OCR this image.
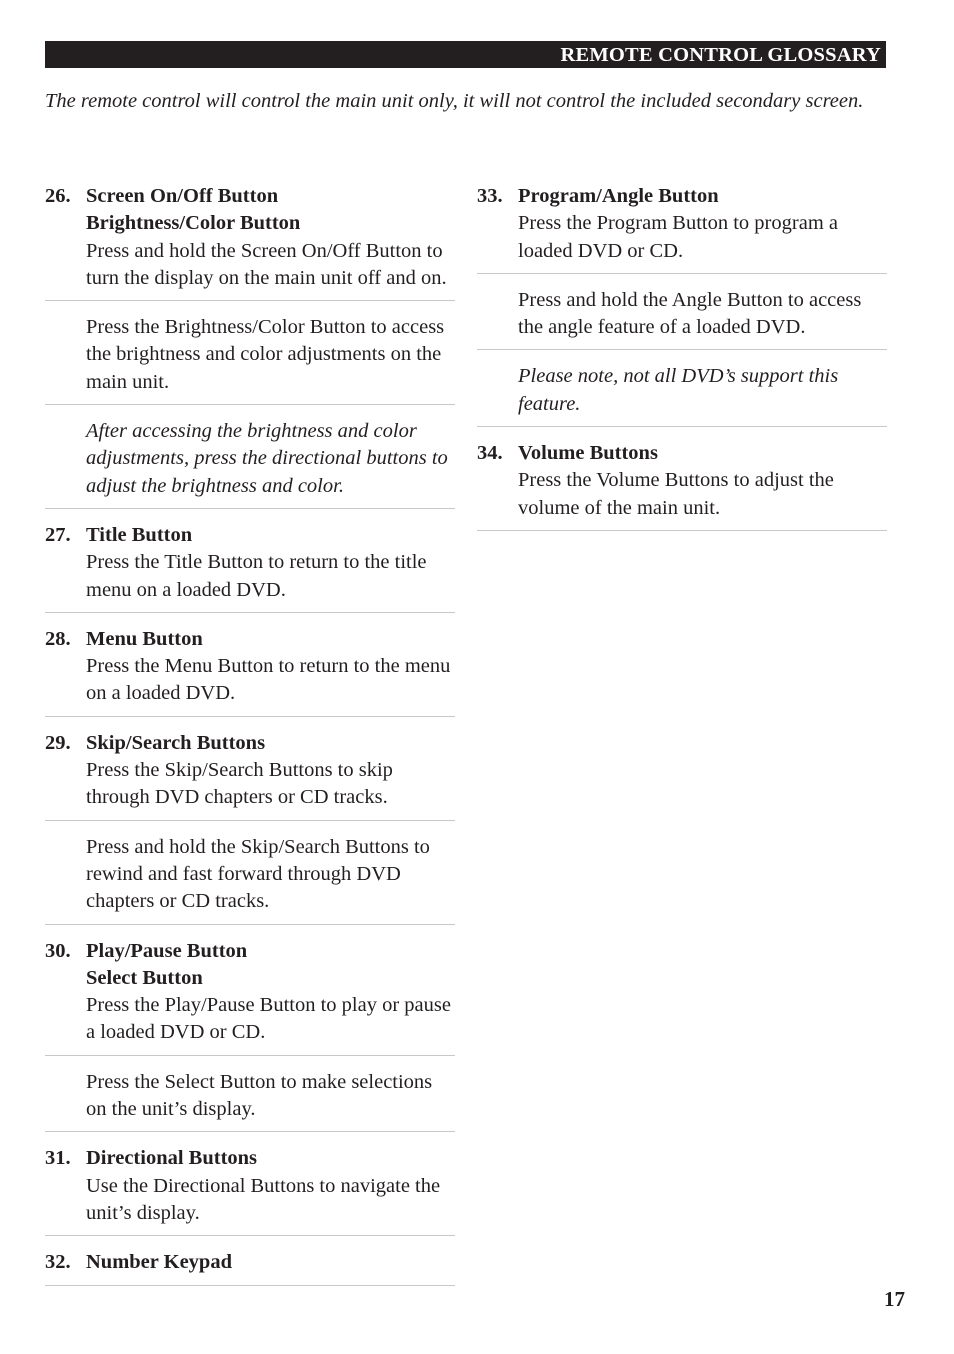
REMOTE CONTROL GLOSSARY
The remote control will control the main unit only, it will not control the included secondary screen.
26. Screen On/Off Button
Brightness/Color Button
Press and hold the Screen On/Off Button to turn the display on the main unit off and on.
Press the Brightness/Color Button to access the brightness and color adjustments on the main unit.
After accessing the brightness and color adjustments, press the directional buttons to adjust the brightness and color.
27. Title Button
Press the Title Button to return to the title menu on a loaded DVD.
28. Menu Button
Press the Menu Button to return to the menu on a loaded DVD.
29. Skip/Search Buttons
Press the Skip/Search Buttons to skip through DVD chapters or CD tracks.
Press and hold the Skip/Search Buttons to rewind and fast forward through DVD chapters or CD tracks.
30. Play/Pause Button
Select Button
Press the Play/Pause Button to play or pause a loaded DVD or CD.
Press the Select Button to make selections on the unit’s display.
31. Directional Buttons
Use the Directional Buttons to navigate the unit’s display.
32. Number Keypad
33. Program/Angle Button
Press the Program Button to program a loaded DVD or CD.
Press and hold the Angle Button to access the angle feature of a loaded DVD.
Please note, not all DVD’s support this feature.
34. Volume Buttons
Press the Volume Buttons to adjust the volume of the main unit.
17
